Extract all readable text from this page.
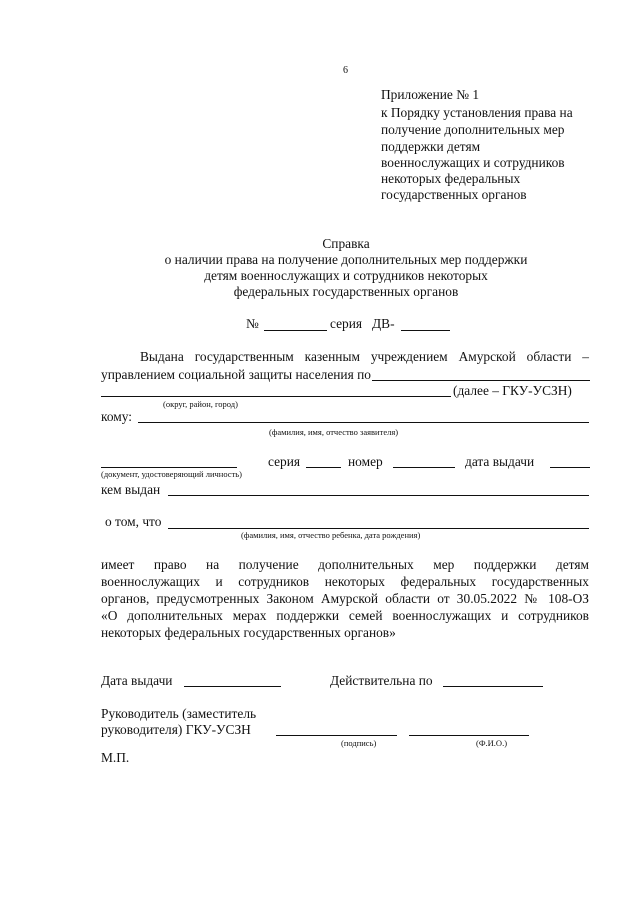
6
Приложение № 1
к Порядку установления права на
получение дополнительных мер
поддержки детям
военнослужащих и сотрудников
некоторых федеральных
государственных органов
Справка
о наличии права на получение дополнительных мер поддержки
детям военнослужащих и сотрудников некоторых
федеральных государственных органов
№	серия ДВ-
Выдана государственным казенным учреждением Амурской области –
управлением социальной защиты населения по
(далее – ГКУ-УСЗН)
(округ, район, город)
кому:
(фамилия, имя, отчество заявителя)
серия	номер	дата выдачи
(документ, удостоверяющий личность)
кем выдан
о том, что
(фамилия, имя, отчество ребенка, дата рождения)
имеет право на получение дополнительных мер поддержки детям
военнослужащих и сотрудников некоторых федеральных государственных
органов, предусмотренных Законом Амурской области от 30.05.2022 № 108-ОЗ
«О дополнительных мерах поддержки семей военнослужащих и сотрудников
некоторых федеральных государственных органов»
Дата выдачи	Действительна по
Руководитель (заместитель
руководителя) ГКУ-УСЗН
(подпись)	(Ф.И.О.)
М.П.
